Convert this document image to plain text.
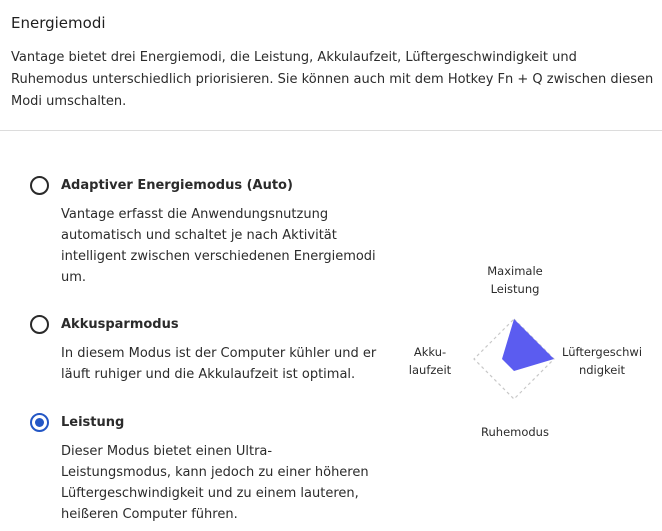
Energiemodi
Vantage bietet drei Energiemodi, die Leistung, Akkulaufzeit, Lüftergeschwindigkeit und Ruhemodus unterschiedlich priorisieren. Sie können auch mit dem Hotkey Fn + Q zwischen diesen Modi umschalten.
Adaptiver Energiemodus (Auto)
Vantage erfasst die Anwendungsnutzung automatisch und schaltet je nach Aktivität intelligent zwischen verschiedenen Energiemodi um.
Akkusparmodus
In diesem Modus ist der Computer kühler und er läuft ruhiger und die Akkulaufzeit ist optimal.
Leistung
Dieser Modus bietet einen Ultra-Leistungsmodus, kann jedoch zu einer höheren Lüftergeschwindigkeit und zu einem lauteren, heißeren Computer führen.
Maximale
Leistung
Akku-
laufzeit
Lüftergeschwi
ndigkeit
Ruhemodus
